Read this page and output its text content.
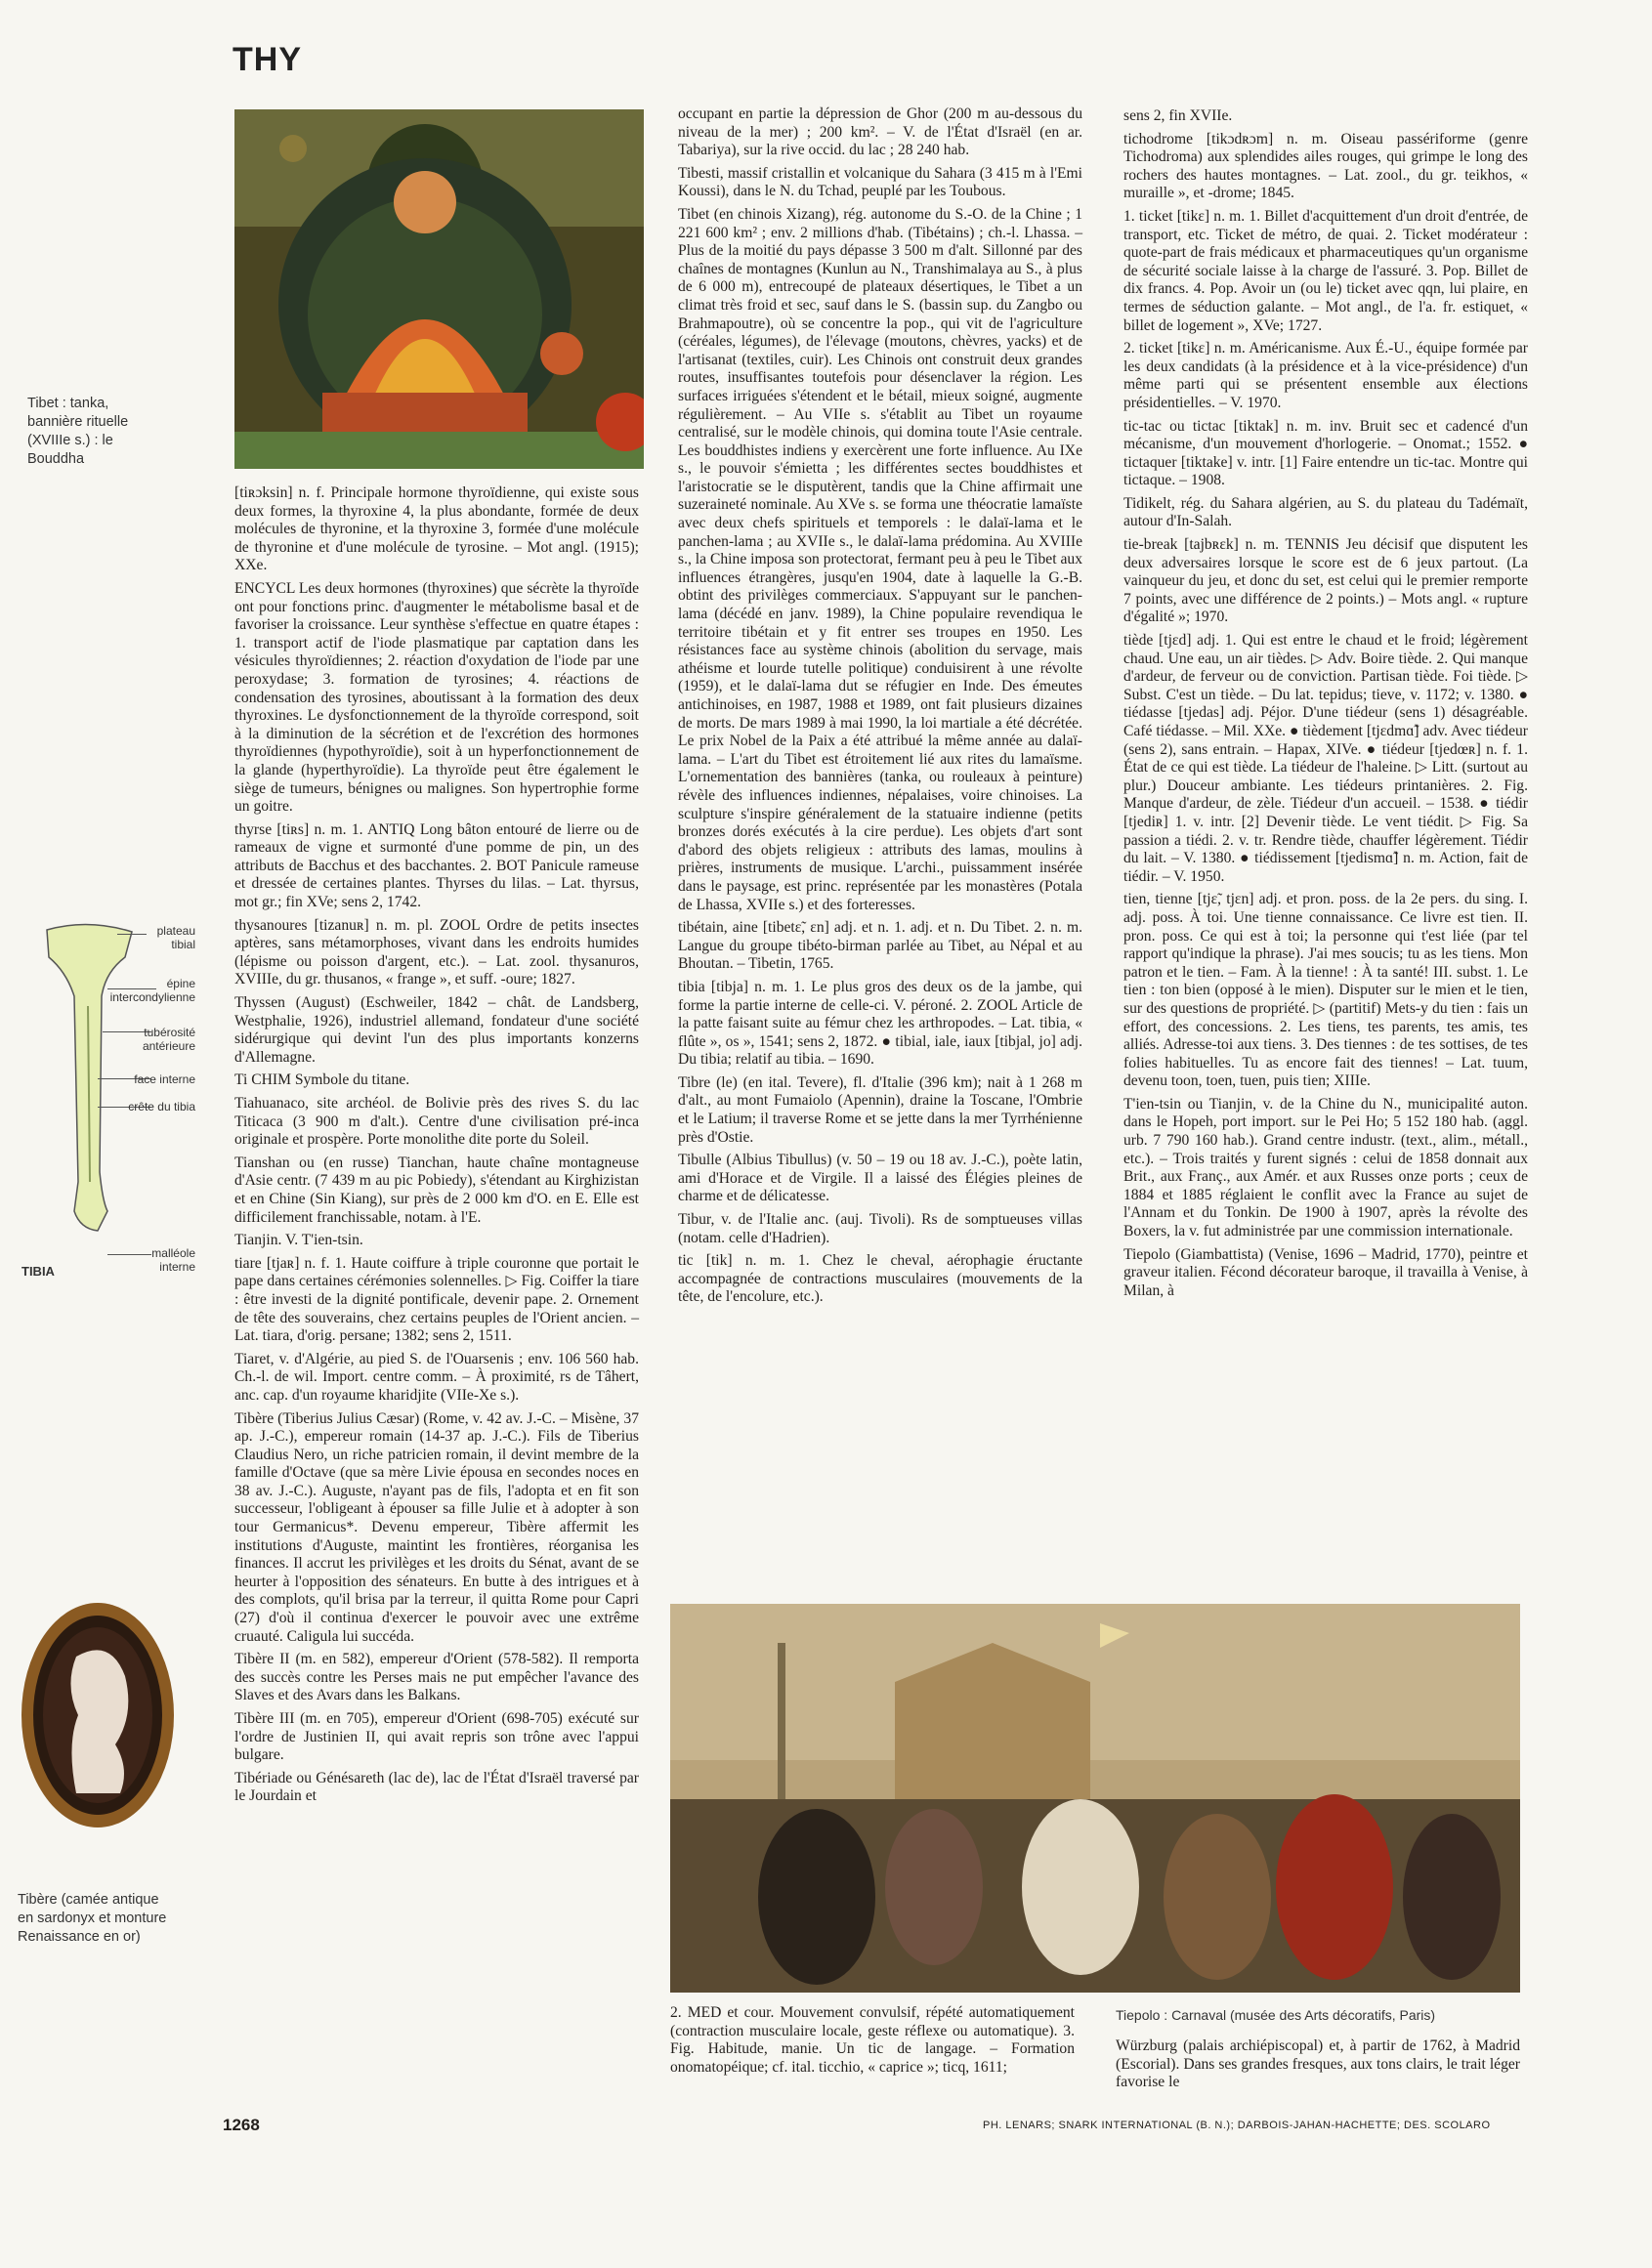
THY
Tibet : tanka, bannière rituelle (XVIIIe s.) : le Bouddha
plateau tibial
épine intercondylienne
tubérosité antérieure
face interne
crête du tibia
malléole interne
TIBIA
Tibère (camée antique en sardonyx et monture Renaissance en or)

[tiʀɔksin] n. f. Principale hormone thyroïdienne, qui existe sous deux formes, la thyroxine 4, la plus abondante, formée de deux molécules de thyronine, et la thyroxine 3, formée d'une molécule de thyronine et d'une molécule de tyrosine. – Mot angl. (1915); XXe.

ENCYCL Les deux hormones (thyroxines) que sécrète la thyroïde ont pour fonctions princ. d'augmenter le métabolisme basal et de favoriser la croissance. Leur synthèse s'effectue en quatre étapes : 1. transport actif de l'iode plasmatique par captation dans les vésicules thyroïdiennes; 2. réaction d'oxydation de l'iode par une peroxydase; 3. formation de tyrosines; 4. réactions de condensation des tyrosines, aboutissant à la formation des deux thyroxines. Le dysfonctionnement de la thyroïde correspond, soit à la diminution de la sécrétion et de l'excrétion des hormones thyroïdiennes (hypothyroïdie), soit à un hyperfonctionnement de la glande (hyperthyroïdie). La thyroïde peut être également le siège de tumeurs, bénignes ou malignes. Son hypertrophie forme un goitre.

thyrse [tiʀs] n. m. 1. ANTIQ Long bâton entouré de lierre ou de rameaux de vigne et surmonté d'une pomme de pin, un des attributs de Bacchus et des bacchantes. 2. BOT Panicule rameuse et dressée de certaines plantes. Thyrses du lilas. – Lat. thyrsus, mot gr.; fin XVe; sens 2, 1742.

thysanoures [tizanuʀ] n. m. pl. ZOOL Ordre de petits insectes aptères, sans métamorphoses, vivant dans les endroits humides (lépisme ou poisson d'argent, etc.). – Lat. zool. thysanuros, XVIIIe, du gr. thusanos, « frange », et suff. -oure; 1827.

Thyssen (August) (Eschweiler, 1842 – chât. de Landsberg, Westphalie, 1926), industriel allemand, fondateur d'une société sidérurgique qui devint l'un des plus importants konzerns d'Allemagne.

Ti CHIM Symbole du titane.

Tiahuanaco, site archéol. de Bolivie près des rives S. du lac Titicaca (3 900 m d'alt.). Centre d'une civilisation pré-inca originale et prospère. Porte monolithe dite porte du Soleil.

Tianshan ou (en russe) Tianchan, haute chaîne montagneuse d'Asie centr. (7 439 m au pic Pobiedy), s'étendant au Kirghizistan et en Chine (Sin Kiang), sur près de 2 000 km d'O. en E. Elle est difficilement franchissable, notam. à l'E.

Tianjin. V. T'ien-tsin.

tiare [tjaʀ] n. f. 1. Haute coiffure à triple couronne que portait le pape dans certaines cérémonies solennelles. ▷ Fig. Coiffer la tiare : être investi de la dignité pontificale, devenir pape. 2. Ornement de tête des souverains, chez certains peuples de l'Orient ancien. – Lat. tiara, d'orig. persane; 1382; sens 2, 1511.

Tiaret, v. d'Algérie, au pied S. de l'Ouarsenis ; env. 106 560 hab. Ch.-l. de wil. Import. centre comm. – À proximité, rs de Tâhert, anc. cap. d'un royaume kharidjite (VIIe-Xe s.).

Tibère (Tiberius Julius Cæsar) (Rome, v. 42 av. J.-C. – Misène, 37 ap. J.-C.), empereur romain (14-37 ap. J.-C.). Fils de Tiberius Claudius Nero, un riche patricien romain, il devint membre de la famille d'Octave (que sa mère Livie épousa en secondes noces en 38 av. J.-C.). Auguste, n'ayant pas de fils, l'adopta et en fit son successeur, l'obligeant à épouser sa fille Julie et à adopter à son tour Germanicus*. Devenu empereur, Tibère affermit les institutions d'Auguste, maintint les frontières, réorganisa les finances. Il accrut les privilèges et les droits du Sénat, avant de se heurter à l'opposition des sénateurs. En butte à des intrigues et à des complots, qu'il brisa par la terreur, il quitta Rome pour Capri (27) d'où il continua d'exercer le pouvoir avec une extrême cruauté. Caligula lui succéda.

Tibère II (m. en 582), empereur d'Orient (578-582). Il remporta des succès contre les Perses mais ne put empêcher l'avance des Slaves et des Avars dans les Balkans.

Tibère III (m. en 705), empereur d'Orient (698-705) exécuté sur l'ordre de Justinien II, qui avait repris son trône avec l'appui bulgare.

Tibériade ou Génésareth (lac de), lac de l'État d'Israël traversé par le Jourdain et

occupant en partie la dépression de Ghor (200 m au-dessous du niveau de la mer) ; 200 km². – V. de l'État d'Israël (en ar. Tabariya), sur la rive occid. du lac ; 28 240 hab.

Tibesti, massif cristallin et volcanique du Sahara (3 415 m à l'Emi Koussi), dans le N. du Tchad, peuplé par les Toubous.

Tibet (en chinois Xizang), rég. autonome du S.-O. de la Chine ; 1 221 600 km² ; env. 2 millions d'hab. (Tibétains) ; ch.-l. Lhassa. – Plus de la moitié du pays dépasse 3 500 m d'alt. Sillonné par des chaînes de montagnes (Kunlun au N., Transhimalaya au S., à plus de 6 000 m), entrecoupé de plateaux désertiques, le Tibet a un climat très froid et sec, sauf dans le S. (bassin sup. du Zangbo ou Brahmapoutre), où se concentre la pop., qui vit de l'agriculture (céréales, légumes), de l'élevage (moutons, chèvres, yacks) et de l'artisanat (textiles, cuir). Les Chinois ont construit deux grandes routes, insuffisantes toutefois pour désenclaver la région. Les surfaces irriguées s'étendent et le bétail, mieux soigné, augmente régulièrement. – Au VIIe s. s'établit au Tibet un royaume centralisé, sur le modèle chinois, qui domina toute l'Asie centrale. Les bouddhistes indiens y exercèrent une forte influence. Au IXe s., le pouvoir s'émietta ; les différentes sectes bouddhistes et l'aristocratie se le disputèrent, tandis que la Chine affirmait une suzeraineté nominale. Au XVe s. se forma une théocratie lamaïste avec deux chefs spirituels et temporels : le dalaï-lama et le panchen-lama ; au XVIIe s., le dalaï-lama prédomina. Au XVIIIe s., la Chine imposa son protectorat, fermant peu à peu le Tibet aux influences étrangères, jusqu'en 1904, date à laquelle la G.-B. obtint des privilèges commerciaux. S'appuyant sur le panchen-lama (décédé en janv. 1989), la Chine populaire revendiqua le territoire tibétain et y fit entrer ses troupes en 1950. Les résistances face au système chinois (abolition du servage, mais athéisme et lourde tutelle politique) conduisirent à une révolte (1959), et le dalaï-lama dut se réfugier en Inde. Des émeutes antichinoises, en 1987, 1988 et 1989, ont fait plusieurs dizaines de morts. De mars 1989 à mai 1990, la loi martiale a été décrétée. Le prix Nobel de la Paix a été attribué la même année au dalaï-lama. – L'art du Tibet est étroitement lié aux rites du lamaïsme. L'ornementation des bannières (tanka, ou rouleaux à peinture) révèle des influences indiennes, népalaises, voire chinoises. La sculpture s'inspire généralement de la statuaire indienne (petits bronzes dorés exécutés à la cire perdue). Les objets d'art sont d'abord des objets religieux : attributs des lamas, moulins à prières, instruments de musique. L'archi., puissamment insérée dans le paysage, est princ. représentée par les monastères (Potala de Lhassa, XVIIe s.) et des forteresses.

tibétain, aine [tibetɛ̃, ɛn] adj. et n. 1. adj. et n. Du Tibet. 2. n. m. Langue du groupe tibéto-birman parlée au Tibet, au Népal et au Bhoutan. – Tibetin, 1765.

tibia [tibja] n. m. 1. Le plus gros des deux os de la jambe, qui forme la partie interne de celle-ci. V. péroné. 2. ZOOL Article de la patte faisant suite au fémur chez les arthropodes. – Lat. tibia, « flûte », os », 1541; sens 2, 1872. ● tibial, iale, iaux [tibjal, jo] adj. Du tibia; relatif au tibia. – 1690.

Tibre (le) (en ital. Tevere), fl. d'Italie (396 km); nait à 1 268 m d'alt., au mont Fumaiolo (Apennin), draine la Toscane, l'Ombrie et le Latium; il traverse Rome et se jette dans la mer Tyrrhénienne près d'Ostie.

Tibulle (Albius Tibullus) (v. 50 – 19 ou 18 av. J.-C.), poète latin, ami d'Horace et de Virgile. Il a laissé des Élégies pleines de charme et de délicatesse.

Tibur, v. de l'Italie anc. (auj. Tivoli). Rs de somptueuses villas (notam. celle d'Hadrien).

tic [tik] n. m. 1. Chez le cheval, aérophagie éructante accompagnée de contractions musculaires (mouvements de la tête, de l'encolure, etc.).

sens 2, fin XVIIe.

tichodrome [tikɔdʀɔm] n. m. Oiseau passériforme (genre Tichodroma) aux splendides ailes rouges, qui grimpe le long des rochers des hautes montagnes. – Lat. zool., du gr. teikhos, « muraille », et -drome; 1845.

1. ticket [tikɛ] n. m. 1. Billet d'acquittement d'un droit d'entrée, de transport, etc. Ticket de métro, de quai. 2. Ticket modérateur : quote-part de frais médicaux et pharmaceutiques qu'un organisme de sécurité sociale laisse à la charge de l'assuré. 3. Pop. Billet de dix francs. 4. Pop. Avoir un (ou le) ticket avec qqn, lui plaire, en termes de séduction galante. – Mot angl., de l'a. fr. estiquet, « billet de logement », XVe; 1727.

2. ticket [tikɛ] n. m. Américanisme. Aux É.-U., équipe formée par les deux candidats (à la présidence et à la vice-présidence) d'un même parti qui se présentent ensemble aux élections présidentielles. – V. 1970.

tic-tac ou tictac [tiktak] n. m. inv. Bruit sec et cadencé d'un mécanisme, d'un mouvement d'horlogerie. – Onomat.; 1552. ● tictaquer [tiktake] v. intr. [1] Faire entendre un tic-tac. Montre qui tictaque. – 1908.

Tidikelt, rég. du Sahara algérien, au S. du plateau du Tadémaït, autour d'In-Salah.

tie-break [tajbʀɛk] n. m. TENNIS Jeu décisif que disputent les deux adversaires lorsque le score est de 6 jeux partout. (La vainqueur du jeu, et donc du set, est celui qui le premier remporte 7 points, avec une différence de 2 points.) – Mots angl. « rupture d'égalité »; 1970.

tiède [tjɛd] adj. 1. Qui est entre le chaud et le froid; légèrement chaud. Une eau, un air tièdes. ▷ Adv. Boire tiède. 2. Qui manque d'ardeur, de ferveur ou de conviction. Partisan tiède. Foi tiède. ▷ Subst. C'est un tiède. – Du lat. tepidus; tieve, v. 1172; v. 1380. ● tiédasse [tjedas] adj. Péjor. D'une tiédeur (sens 1) désagréable. Café tiédasse. – Mil. XXe. ● tièdement [tjɛdmɑ̃] adv. Avec tiédeur (sens 2), sans entrain. – Hapax, XIVe. ● tiédeur [tjedœʀ] n. f. 1. État de ce qui est tiède. La tiédeur de l'haleine. ▷ Litt. (surtout au plur.) Douceur ambiante. Les tiédeurs printanières. 2. Fig. Manque d'ardeur, de zèle. Tiédeur d'un accueil. – 1538. ● tiédir [tjediʀ] 1. v. intr. [2] Devenir tiède. Le vent tiédit. ▷ Fig. Sa passion a tiédi. 2. v. tr. Rendre tiède, chauffer légèrement. Tiédir du lait. – V. 1380. ● tiédissement [tjedismɑ̃] n. m. Action, fait de tiédir. – V. 1950.

tien, tienne [tjɛ̃, tjɛn] adj. et pron. poss. de la 2e pers. du sing. I. adj. poss. À toi. Une tienne connaissance. Ce livre est tien. II. pron. poss. Ce qui est à toi; la personne qui t'est liée (par tel rapport qu'indique la phrase). J'ai mes soucis; tu as les tiens. Mon patron et le tien. – Fam. À la tienne! : À ta santé! III. subst. 1. Le tien : ton bien (opposé à le mien). Disputer sur le mien et le tien, sur des questions de propriété. ▷ (partitif) Mets-y du tien : fais un effort, des concessions. 2. Les tiens, tes parents, tes amis, tes alliés. Adresse-toi aux tiens. 3. Des tiennes : de tes sottises, de tes folies habituelles. Tu as encore fait des tiennes! – Lat. tuum, devenu toon, toen, tuen, puis tien; XIIIe.

T'ien-tsin ou Tianjin, v. de la Chine du N., municipalité auton. dans le Hopeh, port import. sur le Pei Ho; 5 152 180 hab. (aggl. urb. 7 790 160 hab.). Grand centre industr. (text., alim., métall., etc.). – Trois traités y furent signés : celui de 1858 donnait aux Brit., aux Franç., aux Amér. et aux Russes onze ports ; ceux de 1884 et 1885 réglaient le conflit avec la France au sujet de l'Annam et du Tonkin. De 1900 à 1907, après la révolte des Boxers, la v. fut administrée par une commission internationale.

Tiepolo (Giambattista) (Venise, 1696 – Madrid, 1770), peintre et graveur italien. Fécond décorateur baroque, il travailla à Venise, à Milan, à

2. MED et cour. Mouvement convulsif, répété automatiquement (contraction musculaire locale, geste réflexe ou automatique). 3. Fig. Habitude, manie. Un tic de langage. – Formation onomatopéique; cf. ital. ticchio, « caprice »; ticq, 1611;

Tiepolo : Carnaval (musée des Arts décoratifs, Paris)

Würzburg (palais archiépiscopal) et, à partir de 1762, à Madrid (Escorial). Dans ses grandes fresques, aux tons clairs, le trait léger favorise le

1268	PH. LENARS; SNARK INTERNATIONAL (B. N.); DARBOIS-JAHAN-HACHETTE; DES. SCOLARO
